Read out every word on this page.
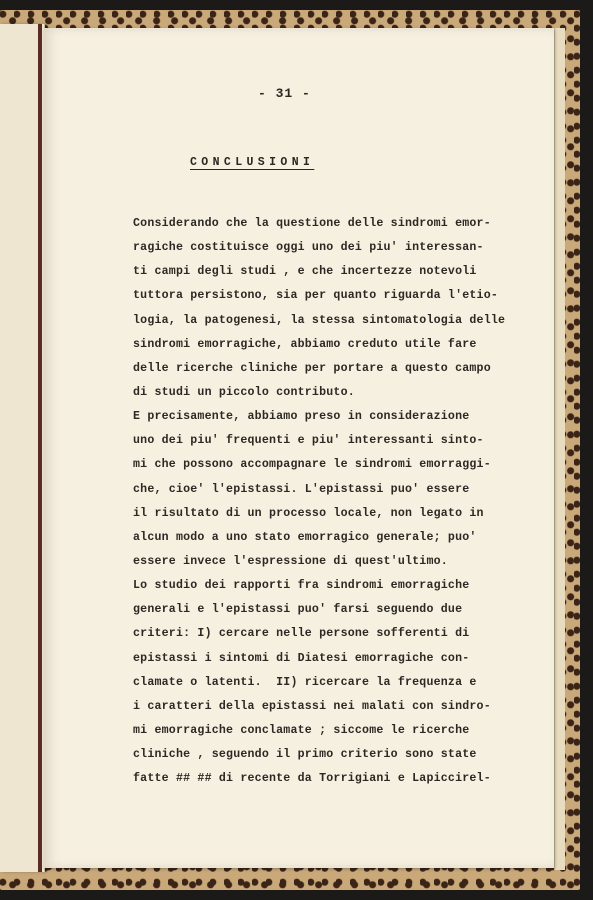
- 31 -
CONCLUSIONI
Considerando che la questione delle sindromi emor-
ragiche costituisce oggi uno dei piu' interessan-
ti campi degli studi , e che incertezze notevoli
tuttora persistono, sia per quanto riguarda l'etio-
logia, la patogenesi, la stessa sintomatologia delle
sindromi emorragiche, abbiamo creduto utile fare
delle ricerche cliniche per portare a questo campo
di studi un piccolo contributo.
E precisamente, abbiamo preso in considerazione
uno dei piu' frequenti e piu' interessanti sinto-
mi che possono accompagnare le sindromi emorraggi-
che, cioe' l'epistassi. L'epistassi puo' essere
il risultato di un processo locale, non legato in
alcun modo a uno stato emorragico generale; puo'
essere invece l'espressione di quest'ultimo.
Lo studio dei rapporti fra sindromi emorragiche
generali e l'epistassi puo' farsi seguendo due
criteri: I) cercare nelle persone sofferenti di
epistassi i sintomi di Diatesi emorragiche con-
clamate o latenti.  II) ricercare la frequenza e
i caratteri della epistassi nei malati con sindro-
mi emorragiche conclamate ; siccome le ricerche
cliniche , seguendo il primo criterio sono state
fatte ## ## di recente da Torrigiani e Lapiccirel-
